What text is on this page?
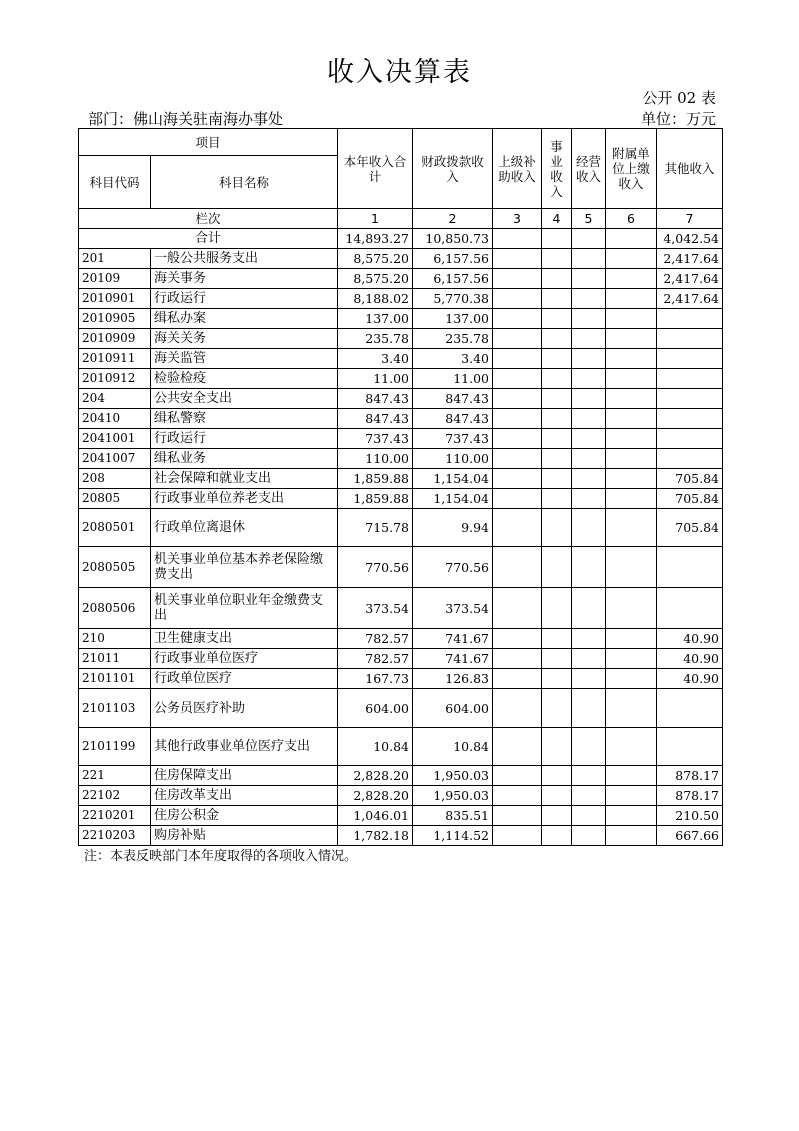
收入决算表
公开 02 表
部门：佛山海关驻南海办事处	单位：万元
项目		本年收入合计	财政拨款收入	上级补助收入	事业收入	经营收入	附属单位上缴收入	其他收入
科目代码	科目名称							
栏次		1	2	3	4	5	6	7
合计		14,893.27	10,850.73					4,042.54
201	一般公共服务支出	8,575.20	6,157.56					2,417.64
20109	海关事务	8,575.20	6,157.56					2,417.64
2010901	行政运行	8,188.02	5,770.38					2,417.64
2010905	缉私办案	137.00	137.00					
2010909	海关关务	235.78	235.78					
2010911	海关监管	3.40	3.40					
2010912	检验检疫	11.00	11.00					
204	公共安全支出	847.43	847.43					
20410	缉私警察	847.43	847.43					
2041001	行政运行	737.43	737.43					
2041007	缉私业务	110.00	110.00					
208	社会保障和就业支出	1,859.88	1,154.04					705.84
20805	行政事业单位养老支出	1,859.88	1,154.04					705.84
2080501	行政单位离退休	715.78	9.94					705.84
2080505	机关事业单位基本养老保险缴费支出	770.56	770.56					
2080506	机关事业单位职业年金缴费支出	373.54	373.54					
210	卫生健康支出	782.57	741.67					40.90
21011	行政事业单位医疗	782.57	741.67					40.90
2101101	行政单位医疗	167.73	126.83					40.90
2101103	公务员医疗补助	604.00	604.00					
2101199	其他行政事业单位医疗支出	10.84	10.84					
221	住房保障支出	2,828.20	1,950.03					878.17
22102	住房改革支出	2,828.20	1,950.03					878.17
2210201	住房公积金	1,046.01	835.51					210.50
2210203	购房补贴	1,782.18	1,114.52					667.66
注：本表反映部门本年度取得的各项收入情况。
